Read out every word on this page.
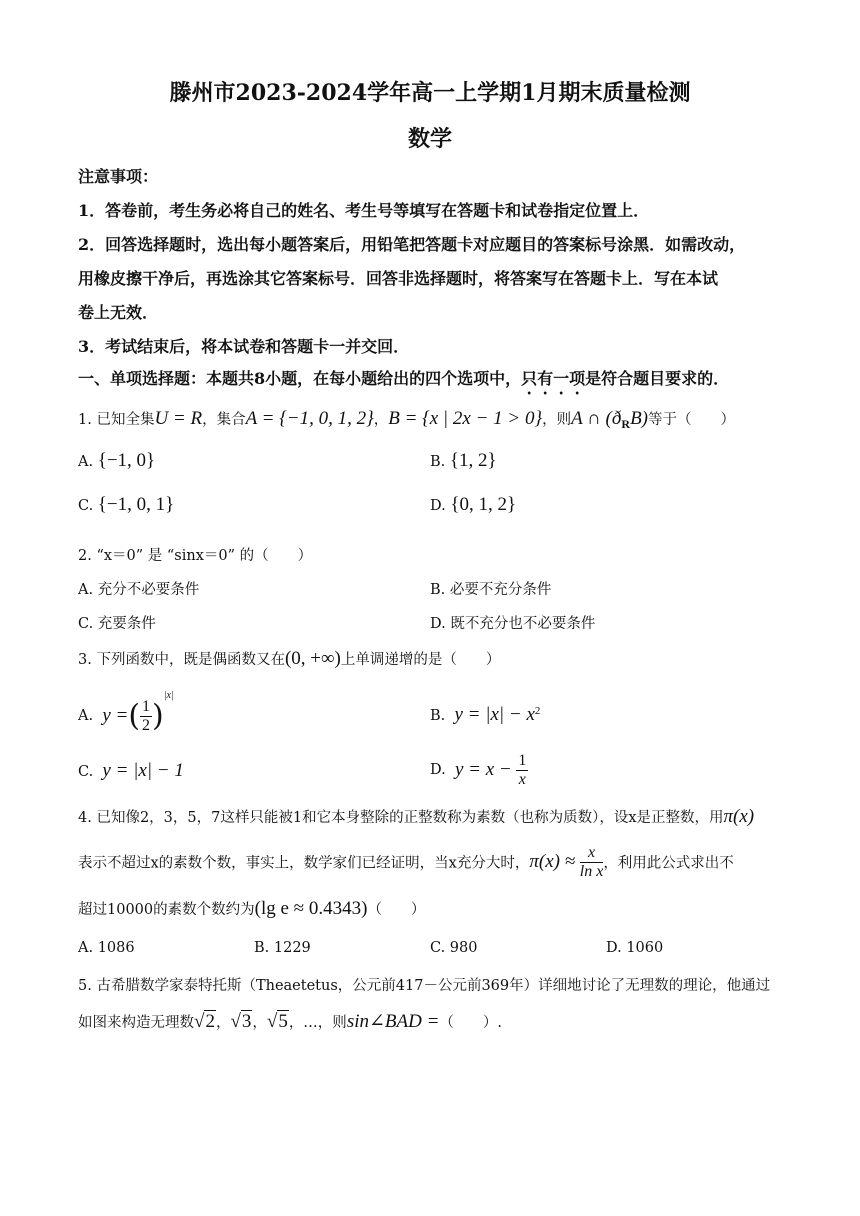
滕州市2023-2024学年高一上学期1月期末质量检测
数学
注意事项：
1．答卷前，考生务必将自己的姓名、考生号等填写在答题卡和试卷指定位置上．
2．回答选择题时，选出每小题答案后，用铅笔把答题卡对应题目的答案标号涂黑．如需改动，
用橡皮擦干净后，再选涂其它答案标号．回答非选择题时，将答案写在答题卡上．写在本试
卷上无效．
3．考试结束后，将本试卷和答题卡一并交回．
一、单项选择题：本题共8小题，在每小题给出的四个选项中，只有一项是符合题目要求的．
1. 已知全集U = R，集合A = {−1, 0, 1, 2}，B = {x | 2x − 1 > 0}，则A ∩ $(ð_RB)$等于（　　）
A. {−1, 0}	B. {1, 2}
C. {−1, 0, 1}	D. {0, 1, 2}
2. “x＝0” 是 “sinx＝0” 的（　　）
A. 充分不必要条件	B. 必要不充分条件
C. 充要条件	D. 既不充分也不必要条件
3. 下列函数中，既是偶函数又在(0, +∞)上单调递增的是（　　）
A. y =( $\frac{1}{2} )^{|x|}$
B. $y = |x| - x^2$
C. y = |x| − 1	D. $y = x - \frac{1}{x}$
4. 已知像2，3，5，7这样只能被1和它本身整除的正整数称为素数（也称为质数），设x是正整数，用π(x)
表示不超过x的素数个数，事实上，数学家们已经证明，当x充分大时，$\pi(x) \approx \frac{x}{\text{ln x}}$ ，利用此公式求出不
超过10000的素数个数约为(lg e ≈ 0.4343)（　　）
A. 1086	B. 1229	C. 980	D. 1060
5. 古希腊数学家泰特托斯（Theaetetus，公元前417－公元前369年）详细地讨论了无理数的理论，他通过
如图来构造无理数√2，√3，√5，…，则sin∠BAD =（　　）.
